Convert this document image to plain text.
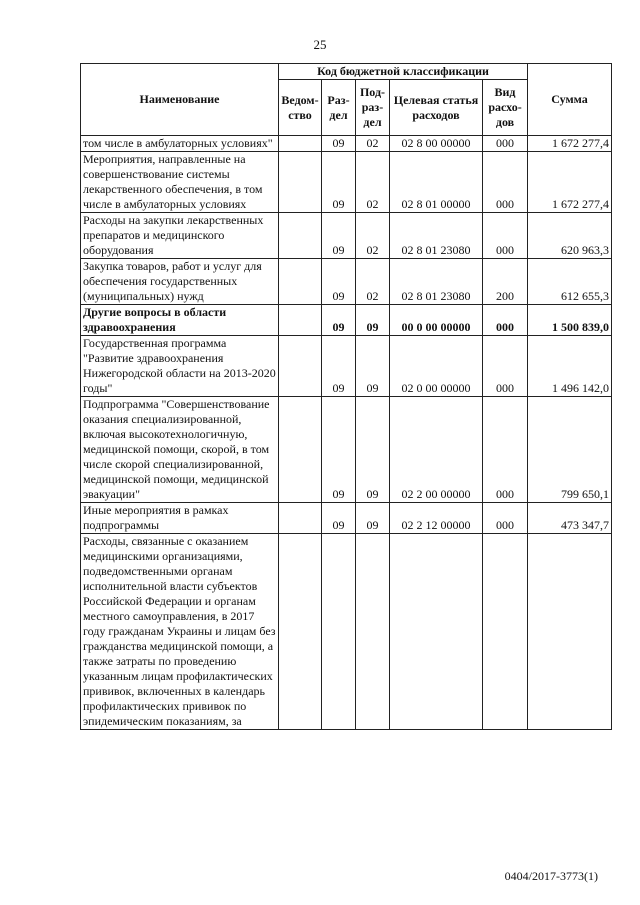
25
Наименование	Код бюджетной классификации					Сумма
	Ведом-ство	Раз-дел	Под-раз-дел	Целевая статья расходов	Вид расхо-дов	
том числе в амбулаторных условиях"		09	02	02 8 00 00000	000	1 672 277,4
Мероприятия, направленные на совершенствование системы лекарственного обеспечения, в том числе в амбулаторных условиях		09	02	02 8 01 00000	000	1 672 277,4
Расходы на закупки лекарственных препаратов и медицинского оборудования		09	02	02 8 01 23080	000	620 963,3
Закупка товаров, работ и услуг для обеспечения государственных (муниципальных) нужд		09	02	02 8 01 23080	200	612 655,3
Другие вопросы в области здравоохранения		09	09	00 0 00 00000	000	1 500 839,0
Государственная программа "Развитие здравоохранения Нижегородской области на 2013-2020 годы"		09	09	02 0 00 00000	000	1 496 142,0
Подпрограмма "Совершенствование оказания специализированной, включая высокотехнологичную, медицинской помощи, скорой, в том числе скорой специализированной, медицинской помощи, медицинской эвакуации"		09	09	02 2 00 00000	000	799 650,1
Иные мероприятия в рамках подпрограммы		09	09	02 2 12 00000	000	473 347,7
Расходы, связанные с оказанием медицинскими организациями, подведомственными органам исполнительной власти субъектов Российской Федерации и органам местного самоуправления, в 2017 году гражданам Украины и лицам без гражданства медицинской помощи, а также затраты по проведению указанным лицам профилактических прививок, включенных в календарь профилактических прививок по эпидемическим показаниям, за						
0404/2017-3773(1)
